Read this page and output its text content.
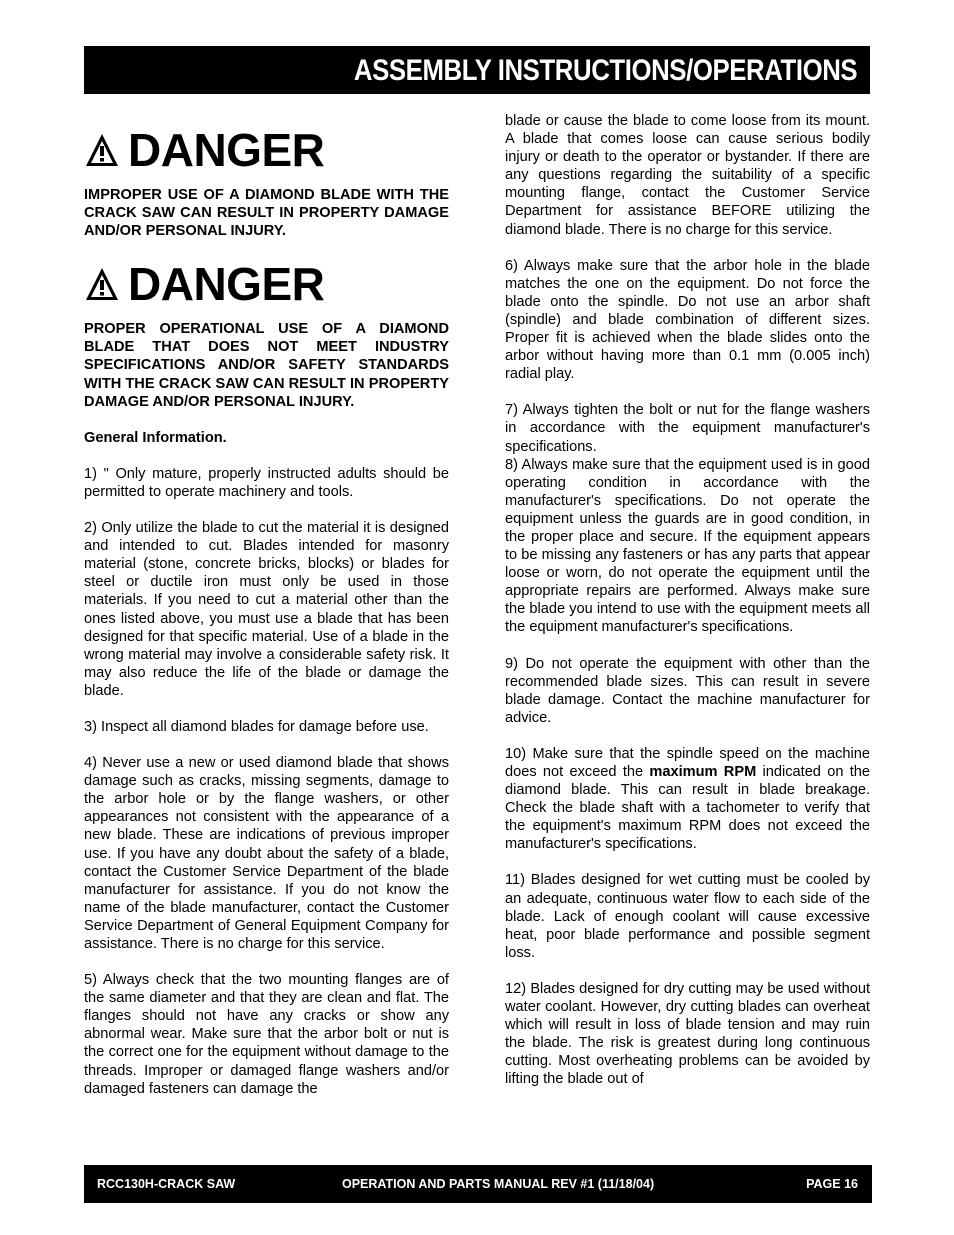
ASSEMBLY INSTRUCTIONS/OPERATIONS
DANGER
IMPROPER USE OF A DIAMOND BLADE WITH THE CRACK SAW CAN RESULT IN PROPERTY DAMAGE AND/OR PERSONAL INJURY.
DANGER
PROPER OPERATIONAL USE OF A DIAMOND BLADE THAT DOES NOT MEET INDUSTRY SPECIFICATIONS AND/OR SAFETY STANDARDS WITH THE CRACK SAW CAN RESULT IN PROPERTY DAMAGE AND/OR PERSONAL INJURY.
General Information.

1) " Only mature, properly instructed adults should be permitted to operate machinery and tools.

2) Only utilize the blade to cut the material it is designed and intended to cut. Blades intended for masonry material (stone, concrete bricks, blocks) or blades for steel or ductile iron must only be used in those materials. If you need to cut a material other than the ones listed above, you must use a blade that has been designed for that specific material. Use of a blade in the wrong material may involve a considerable safety risk. It may also reduce the life of the blade or damage the blade.

3) Inspect all diamond blades for damage before use.

4) Never use a new or used diamond blade that shows damage such as cracks, missing segments, damage to the arbor hole or by the flange washers, or other appearances not consistent with the appearance of a new blade. These are indications of previous improper use. If you have any doubt about the safety of a blade, contact the Customer Service Department of the blade manufacturer for assistance. If you do not know the name of the blade manufacturer, contact the Customer Service Department of General Equipment Company for assistance. There is no charge for this service.

5) Always check that the two mounting flanges are of the same diameter and that they are clean and flat. The flanges should not have any cracks or show any abnormal wear. Make sure that the arbor bolt or nut is the correct one for the equipment without damage to the threads. Improper or damaged flange washers and/or damaged fasteners can damage the

blade or cause the blade to come loose from its mount. A blade that comes loose can cause serious bodily injury or death to the operator or bystander. If there are any questions regarding the suitability of a specific mounting flange, contact the Customer Service Department for assistance BEFORE utilizing the diamond blade. There is no charge for this service.

6) Always make sure that the arbor hole in the blade matches the one on the equipment. Do not force the blade onto the spindle. Do not use an arbor shaft (spindle) and blade combination of different sizes. Proper fit is achieved when the blade slides onto the arbor without having more than 0.1 mm (0.005 inch) radial play.

7) Always tighten the bolt or nut for the flange washers in accordance with the equipment manufacturer's specifications.

8) Always make sure that the equipment used is in good operating condition in accordance with the manufacturer's specifications. Do not operate the equipment unless the guards are in good condition, in the proper place and secure. If the equipment appears to be missing any fasteners or has any parts that appear loose or worn, do not operate the equipment until the appropriate repairs are performed. Always make sure the blade you intend to use with the equipment meets all the equipment manufacturer's specifications.

9) Do not operate the equipment with other than the recommended blade sizes. This can result in severe blade damage. Contact the machine manufacturer for advice.

10) Make sure that the spindle speed on the machine does not exceed the maximum RPM indicated on the diamond blade. This can result in blade breakage. Check the blade shaft with a tachometer to verify that the equipment's maximum RPM does not exceed the manufacturer's specifications.

11) Blades designed for wet cutting must be cooled by an adequate, continuous water flow to each side of the blade. Lack of enough coolant will cause excessive heat, poor blade performance and possible segment loss.

12) Blades designed for dry cutting may be used without water coolant. However, dry cutting blades can overheat which will result in loss of blade tension and may ruin the blade. The risk is greatest during long continuous cutting. Most overheating problems can be avoided by lifting the blade out of

RCC130H-CRACK SAW	OPERATION AND PARTS MANUAL REV #1 (11/18/04)	PAGE 16
